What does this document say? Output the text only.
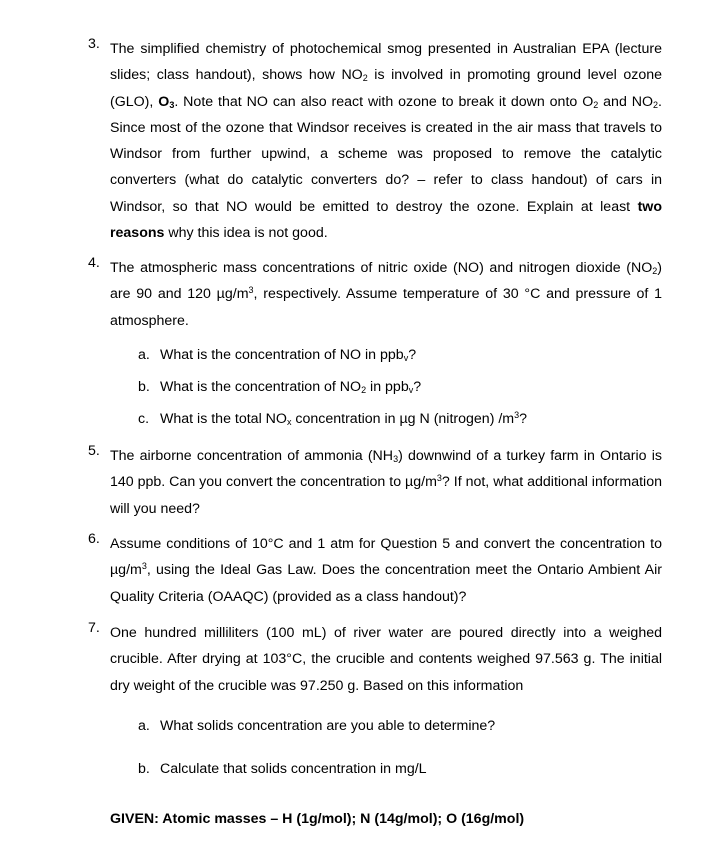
3. The simplified chemistry of photochemical smog presented in Australian EPA (lecture slides; class handout), shows how $NO_2$ is involved in promoting ground level ozone (GLO), $O_3$. Note that NO can also react with ozone to break it down onto $O_2$ and $NO_2$. Since most of the ozone that Windsor receives is created in the air mass that travels to Windsor from further upwind, a scheme was proposed to remove the catalytic converters (what do catalytic converters do? – refer to class handout) of cars in Windsor, so that NO would be emitted to destroy the ozone. Explain at least two reasons why this idea is not good.
4. The atmospheric mass concentrations of nitric oxide (NO) and nitrogen dioxide $(NO_2)$ are 90 and 120 $\mu g/m^3$, respectively. Assume temperature of 30 °C and pressure of 1 atmosphere.
a. What is the concentration of NO in ppb$_v$?
b. What is the concentration of $NO_2$ in ppb$_v$?
c. What is the total $NO_x$ concentration in µg N (nitrogen) $/m^3$?
5. The airborne concentration of ammonia $(NH_3)$ downwind of a turkey farm in Ontario is 140 ppb. Can you convert the concentration to $\mu g/m^3$? If not, what additional information will you need?
6. Assume conditions of 10°C and 1 atm for Question 5 and convert the concentration to $\mu g/m^3$, using the Ideal Gas Law. Does the concentration meet the Ontario Ambient Air Quality Criteria (OAAQC) (provided as a class handout)?
7. One hundred milliliters (100 mL) of river water are poured directly into a weighed crucible. After drying at 103°C, the crucible and contents weighed 97.563 g. The initial dry weight of the crucible was 97.250 g. Based on this information
a. What solids concentration are you able to determine?
b. Calculate that solids concentration in mg/L
GIVEN: Atomic masses – H (1g/mol); N (14g/mol); O (16g/mol)
